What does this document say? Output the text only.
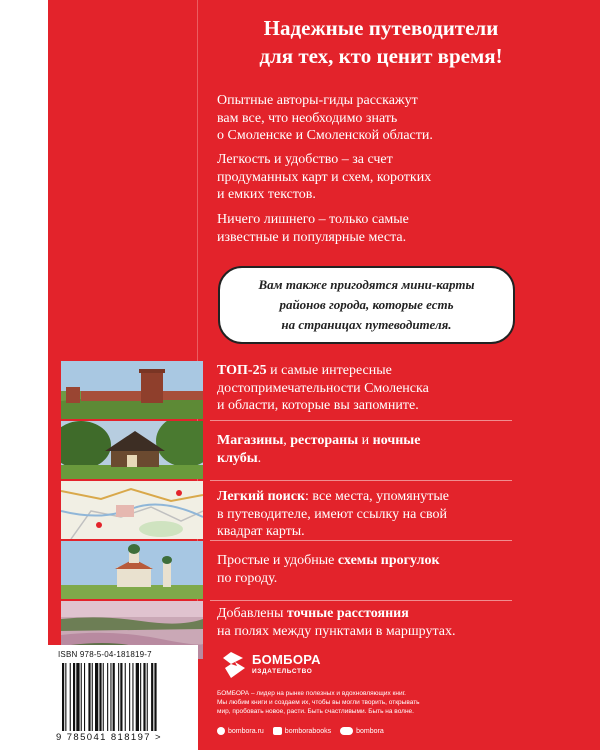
Надежные путеводители
для тех, кто ценит время!

Опытные авторы-гиды расскажут
вам все, что необходимо знать
о Смоленске и Смоленской области.

Легкость и удобство – за счет
продуманных карт и схем, коротких
и емких текстов.

Ничего лишнего – только самые
известные и популярные места.

Вам также пригодятся мини-карты
районов города, которые есть
на страницах путеводителя.

ТОП-25 и самые интересные
достопримечательности Смоленска
и области, которые вы запомните.

Магазины, рестораны и ночные
клубы.

Легкий поиск: все места, упомянутые
в путеводителе, имеют ссылку на свой
квадрат карты.

Простые и удобные схемы прогулок
по городу.

Добавлены точные расстояния
на полях между пунктами в маршрутах.

ISBN 978-5-04-181819-7
9 785041 818197 >
БОМБОРА
ИЗДАТЕЛЬСТВО

БОМБОРА – лидер на рынке полезных и вдохновляющих книг.
Мы любим книги и создаем их, чтобы вы могли творить, открывать
мир, пробовать новое, расти. Быть счастливыми. Быть на волне.

bombora.ru	bomborabooks	bombora
